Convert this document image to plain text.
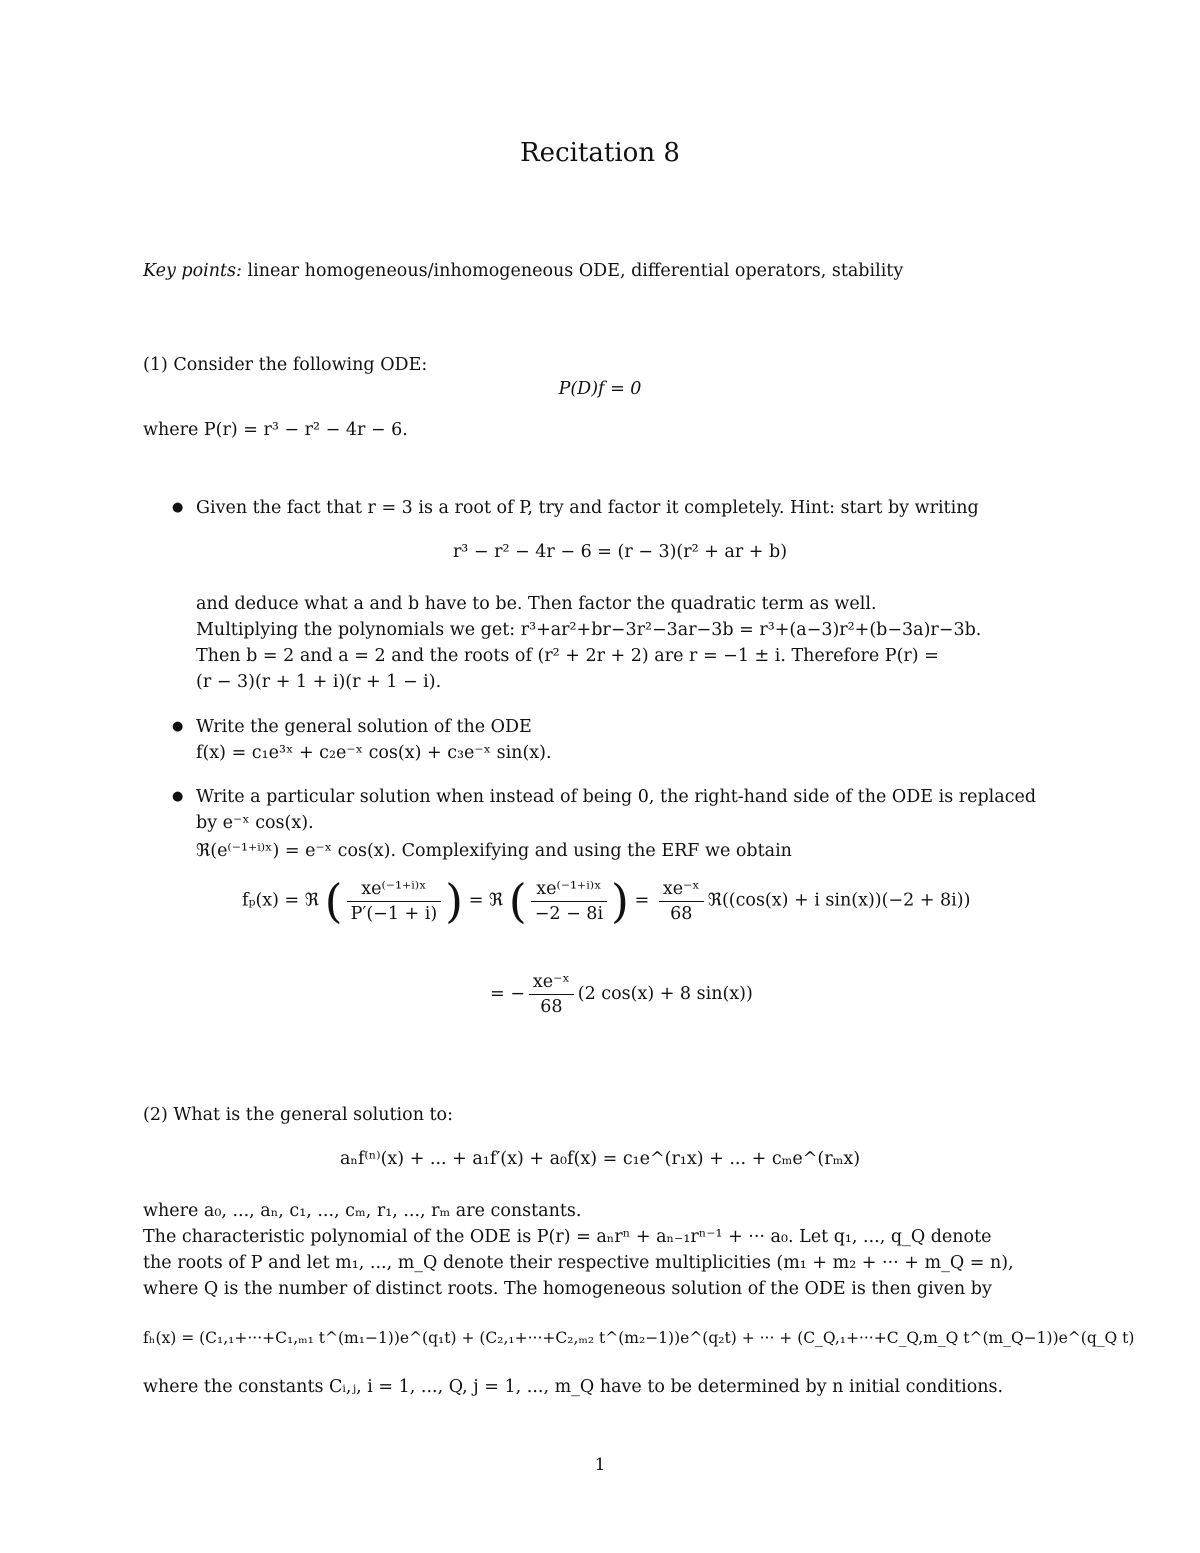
Recitation 8
Key points: linear homogeneous/inhomogeneous ODE, differential operators, stability
(1) Consider the following ODE:
P(D)f = 0
where P(r) = r³ − r² − 4r − 6.
● Given the fact that r = 3 is a root of P, try and factor it completely. Hint: start by writing
r³ − r² − 4r − 6 = (r − 3)(r² + ar + b)
and deduce what a and b have to be. Then factor the quadratic term as well.
Multiplying the polynomials we get: r³+ar²+br−3r²−3ar−3b = r³+(a−3)r²+(b−3a)r−3b.
Then b = 2 and a = 2 and the roots of (r² + 2r + 2) are r = −1 ± i. Therefore P(r) =
(r − 3)(r + 1 + i)(r + 1 − i).
● Write the general solution of the ODE
f(x) = c₁e³ˣ + c₂e⁻ˣ cos(x) + c₃e⁻ˣ sin(x).
● Write a particular solution when instead of being 0, the right-hand side of the ODE is replaced
by e⁻ˣ cos(x).
ℜ(e⁽⁻¹⁺ⁱ⁾ˣ) = e⁻ˣ cos(x). Complexifying and using the ERF we obtain
fₚ(x) = ℜ ( $\frac{\text{xe⁽⁻¹⁺ⁱ⁾ˣ}}{P'(-1 + i)}$ ) = ℜ ( $\frac{\text{xe⁽⁻¹⁺ⁱ⁾ˣ}}{-2 - 8i}$ ) = $\frac{\text{xe⁻ˣ}}{68}$ ℜ((cos(x) + i sin(x))(−2 + 8i))
= − $\frac{\text{xe⁻ˣ}}{68} (2$ cos(x) + 8 sin(x))
(2) What is the general solution to:
aₙf⁽ⁿ⁾(x) + ... + a₁f′(x) + a₀f(x) = c₁e^(r₁x) + ... + cₘe^(rₘx)
where a₀, ..., aₙ, c₁, ..., cₘ, r₁, ..., rₘ are constants.
The characteristic polynomial of the ODE is P(r) = aₙrⁿ + aₙ₋₁rⁿ⁻¹ + ··· a₀. Let q₁, ..., q_Q denote
the roots of P and let m₁, ..., m_Q denote their respective multiplicities (m₁ + m₂ + ··· + m_Q = n),
where Q is the number of distinct roots. The homogeneous solution of the ODE is then given by
fₕ(x) = (C₁,₁+···+C₁,ₘ₁ t^(m₁−1))e^(q₁t) + (C₂,₁+···+C₂,ₘ₂ t^(m₂−1))e^(q₂t) + ··· + (C_Q,₁+···+C_Q,m_Q t^(m_Q−1))e^(q_Q t)
where the constants Cᵢ,ⱼ, i = 1, ..., Q, j = 1, ..., m_Q have to be determined by n initial conditions.
1
